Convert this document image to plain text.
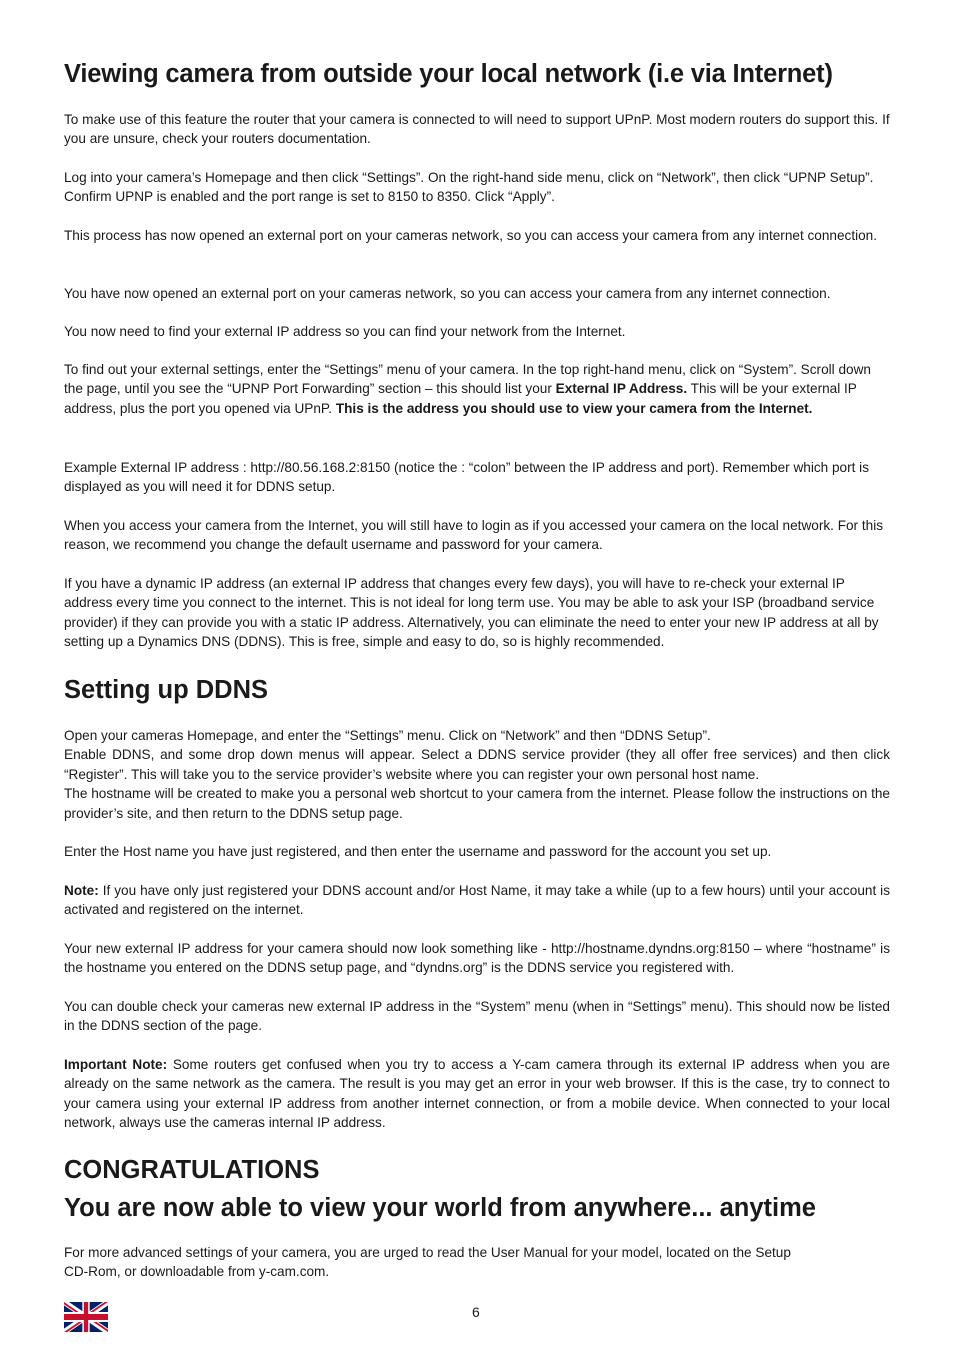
Viewing camera from outside your local network (i.e via Internet)

To make use of this feature the router that your camera is connected to will need to support UPnP. Most modern routers do support this. If you are unsure, check your routers documentation.

Log into your camera’s Homepage and then click “Settings”. On the right-hand side menu, click on “Network”, then click “UPNP Setup”. Confirm UPNP is enabled and the port range is set to 8150 to 8350. Click “Apply”.

This process has now opened an external port on your cameras network, so you can access your camera from any internet connection.

You have now opened an external port on your cameras network, so you can access your camera from any internet connection.

You now need to find your external IP address so you can find your network from the Internet.

To find out your external settings, enter the “Settings” menu of your camera. In the top right-hand menu, click on “System”. Scroll down the page, until you see the “UPNP Port Forwarding” section – this should list your External IP Address. This will be your external IP address, plus the port you opened via UPnP. This is the address you should use to view your camera from the Internet.

Example External IP address : http://80.56.168.2:8150 (notice the : “colon” between the IP address and port). Remember which port is displayed as you will need it for DDNS setup.

When you access your camera from the Internet, you will still have to login as if you accessed your camera on the local network. For this reason, we recommend you change the default username and password for your camera.

If you have a dynamic IP address (an external IP address that changes every few days), you will have to re-check your external IP address every time you connect to the internet. This is not ideal for long term use. You may be able to ask your ISP (broadband service provider) if they can provide you with a static IP address. Alternatively, you can eliminate the need to enter your new IP address at all by setting up a Dynamics DNS (DDNS). This is free, simple and easy to do, so is highly recommended.

Setting up DDNS

Open your cameras Homepage, and enter the “Settings” menu. Click on “Network” and then “DDNS Setup”.

Enable DDNS, and some drop down menus will appear. Select a DDNS service provider (they all offer free services) and then click “Register”. This will take you to the service provider’s website where you can register your own personal host name.

The hostname will be created to make you a personal web shortcut to your camera from the internet. Please follow the instructions on the provider’s site, and then return to the DDNS setup page.

Enter the Host name you have just registered, and then enter the username and password for the account you set up.

Note: If you have only just registered your DDNS account and/or Host Name, it may take a while (up to a few hours) until your account is activated and registered on the internet.

Your new external IP address for your camera should now look something like - http://hostname.dyndns.org:8150 – where “hostname” is the hostname you entered on the DDNS setup page, and “dyndns.org” is the DDNS service you registered with.

You can double check your cameras new external IP address in the “System” menu (when in “Settings” menu). This should now be listed in the DDNS section of the page.

Important Note: Some routers get confused when you try to access a Y-cam camera through its external IP address when you are already on the same network as the camera. The result is you may get an error in your web browser. If this is the case, try to connect to your camera using your external IP address from another internet connection, or from a mobile device. When connected to your local network, always use the cameras internal IP address.

CONGRATULATIONS
You are now able to view your world from anywhere... anytime

For more advanced settings of your camera, you are urged to read the User Manual for your model, located on the Setup

CD-Rom, or downloadable from y-cam.com.

6
